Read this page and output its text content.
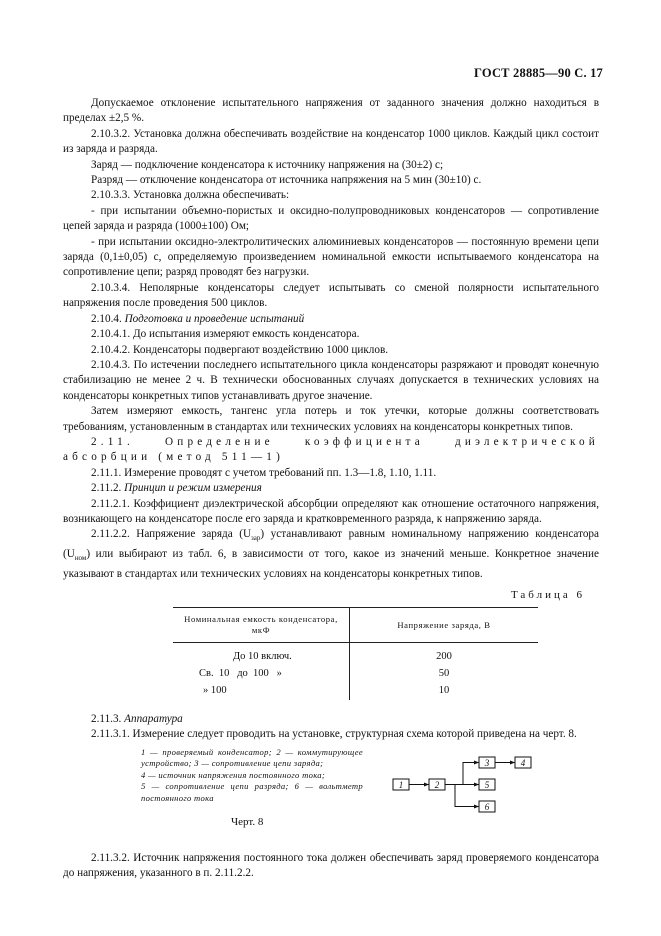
ГОСТ 28885—90 С. 17

Допускаемое отклонение испытательного напряжения от заданного значения должно находиться в пределах ±2,5 %.

2.10.3.2. Установка должна обеспечивать воздействие на конденсатор 1000 циклов. Каждый цикл состоит из заряда и разряда.

Заряд — подключение конденсатора к источнику напряжения на (30±2) с;

Разряд — отключение конденсатора от источника напряжения на 5 мин (30±10) с.

2.10.3.3. Установка должна обеспечивать:

- при испытании объемно-пористых и оксидно-полупроводниковых конденсаторов — сопротивление цепей заряда и разряда (1000±100) Ом;

- при испытании оксидно-электролитических алюминиевых конденсаторов — постоянную времени цепи заряда (0,1±0,05) с, определяемую произведением номинальной емкости испытываемого конденсатора на сопротивление цепи; разряд проводят без нагрузки.

2.10.3.4. Неполярные конденсаторы следует испытывать со сменой полярности испытательного напряжения после проведения 500 циклов.

2.10.4. Подготовка и проведение испытаний

2.10.4.1. До испытания измеряют емкость конденсатора.

2.10.4.2. Конденсаторы подвергают воздействию 1000 циклов.

2.10.4.3. По истечении последнего испытательного цикла конденсаторы разряжают и проводят конечную стабилизацию не менее 2 ч. В технически обоснованных случаях допускается в технических условиях на конденсаторы конкретных типов устанавливать другое значение.

Затем измеряют емкость, тангенс угла потерь и ток утечки, которые должны соответствовать требованиям, установленным в стандартах или технических условиях на конденсаторы конкретных типов.

2.11. Определение коэффициента диэлектрической абсорбции (метод 511—1)

2.11.1. Измерение проводят с учетом требований пп. 1.3—1.8, 1.10, 1.11.

2.11.2. Принцип и режим измерения

2.11.2.1. Коэффициент диэлектрической абсорбции определяют как отношение остаточного напряжения, возникающего на конденсаторе после его заряда и кратковременного разряда, к напряжению заряда.

2.11.2.2. Напряжение заряда $(U_{зар})$ устанавливают равным номинальному напряжению конденсатора $(U_{ном})$ или выбирают из табл. 6, в зависимости от того, какое из значений меньше. Конкретное значение указывают в стандартах или технических условиях на конденсаторы конкретных типов.

Таблица 6
Номинальная емкость конденсатора, мкФ	Напряжение заряда, В
До 10 включ.	200
Св.  10   до  100   »	50
» 100	10

2.11.3. Аппаратура

2.11.3.1. Измерение следует проводить на установке, структурная схема которой приведена на черт. 8.

1 — проверяемый конденсатор; 2 — коммутирующее устройство; 3 — сопротивление цепи заряда;
4 — источник напряжения постоянного тока;
5 — сопротивление цепи разряда; 6 — вольтметр постоянного тока
1	2
3	4
5
6
Черт. 8

2.11.3.2. Источник напряжения постоянного тока должен обеспечивать заряд проверяемого конденсатора до напряжения, указанного в п. 2.11.2.2.
